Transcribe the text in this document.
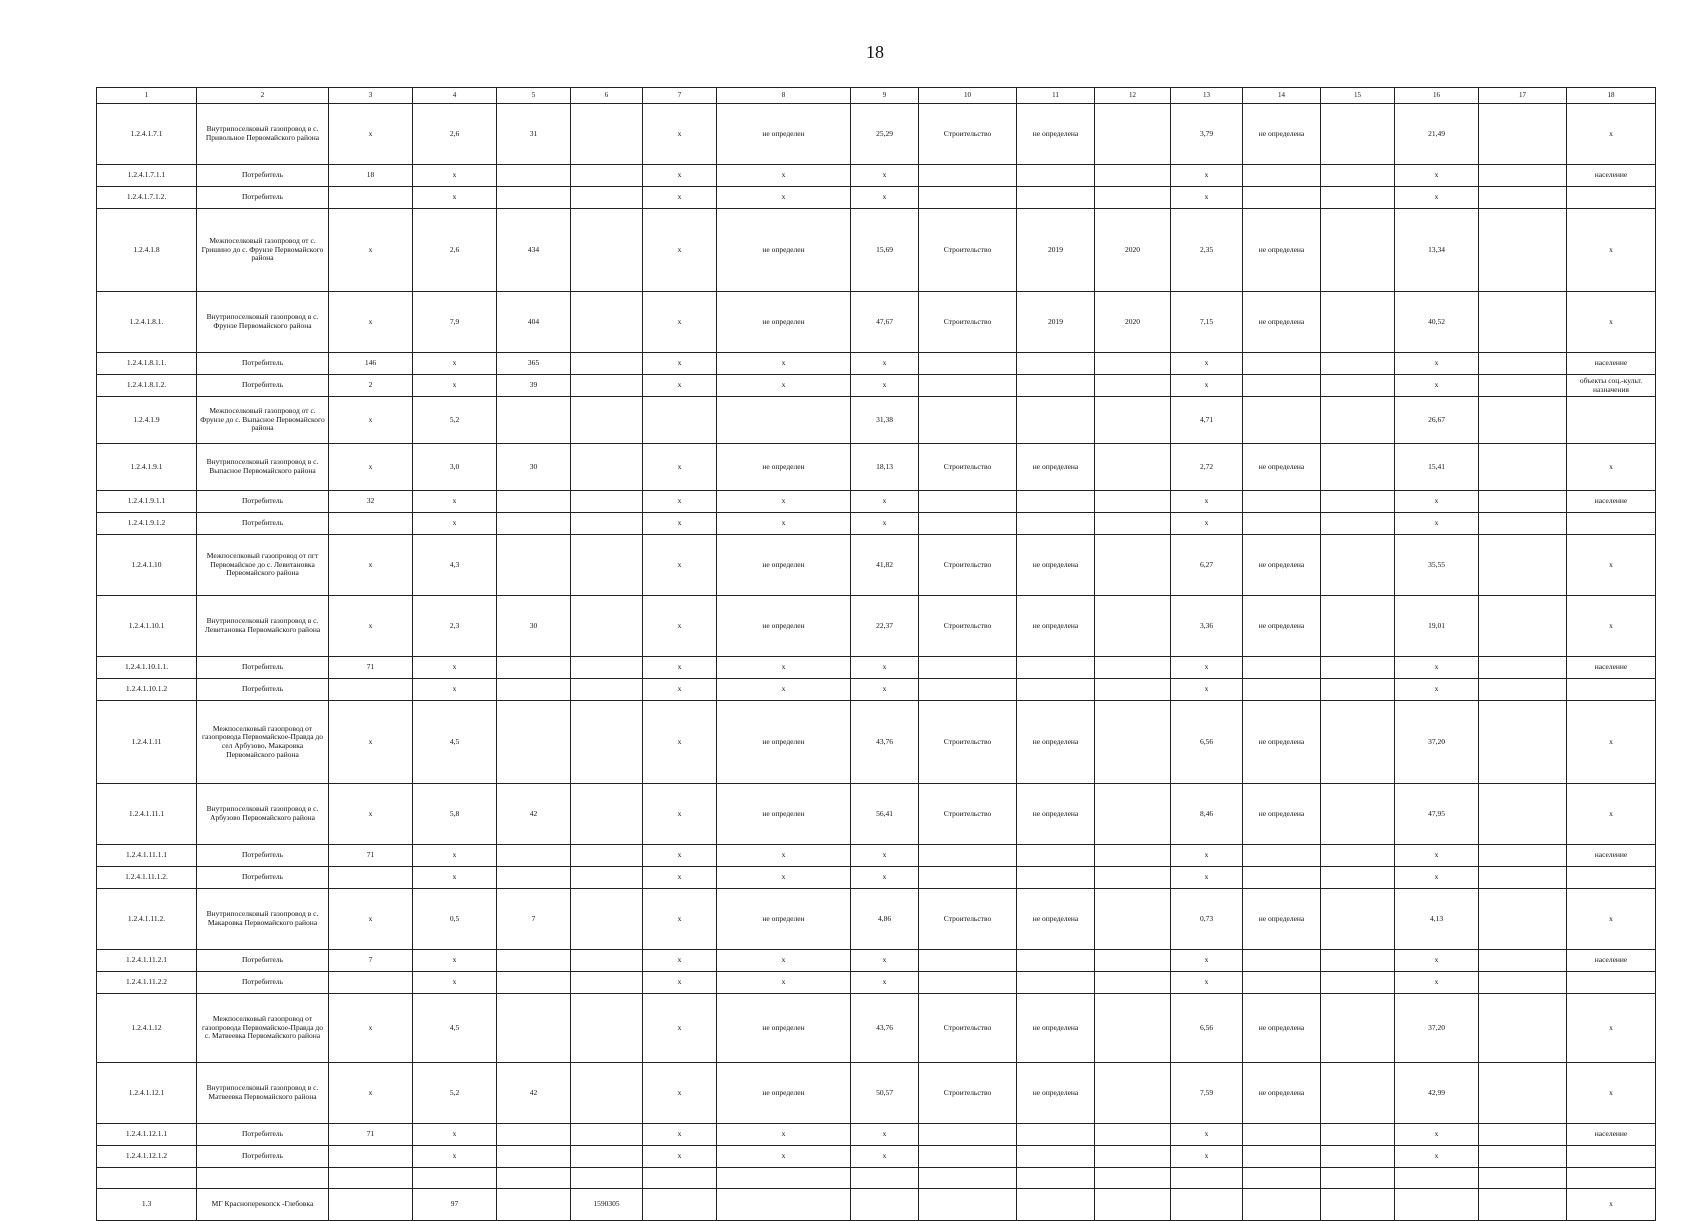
18
1	2	3	4	5	6	7	8	9	10	11	12	13	14	15	16	17	18
1.2.4.1.7.1	Внутрипоселковый газопровод в с. Привольное Первомайского района	x	2,6	31		x	не определен	25,29	Строительство	не определена		3,79	не определена		21,49		x
1.2.4.1.7.1.1	Потребитель	18	x			x	x	x				x			x		население
1.2.4.1.7.1.2.	Потребитель		x			x	x	x				x			x		
1.2.4.1.8	Межпоселковый газопровод от с. Гришино до с. Фрунзе Первомайского района	x	2,6	434		x	не определен	15,69	Строительство	2019	2020	2,35	не определена		13,34		x
1.2.4.1.8.1.	Внутрипоселковый газопровод в с. Фрунзе Первомайского района	x	7,9	404		x	не определен	47,67	Строительство	2019	2020	7,15	не определена		40,52		x
1.2.4.1.8.1.1.	Потребитель	146	x	365		x	x	x				x			x		население
1.2.4.1.8.1.2.	Потребитель	2	x	39		x	x	x				x			x		объекты соц.-культ. назначения
1.2.4.1.9	Межпоселковый газопровод от с. Фрунзе до с. Выпасное Первомайского района	x	5,2					31,38				4,71			26,67		
1.2.4.1.9.1	Внутрипоселковый газопровод в с. Выпасное Первомайского района	x	3,0	30		x	не определен	18,13	Строительство	не определена		2,72	не определена		15,41		x
1.2.4.1.9.1.1	Потребитель	32	x			x	x	x				x			x		население
1.2.4.1.9.1.2	Потребитель		x			x	x	x				x			x		
1.2.4.1.10	Межпоселковый газопровод от пгт Первомайское до с. Левитановка Первомайского района	x	4,3			x	не определен	41,82	Строительство	не определена		6,27	не определена		35,55		x
1.2.4.1.10.1	Внутрипоселковый газопровод в с. Левитановка Первомайского района	x	2,3	30		x	не определен	22,37	Строительство	не определена		3,36	не определена		19,01		x
1.2.4.1.10.1.1.	Потребитель	71	x			x	x	x				x			x		население
1.2.4.1.10.1.2	Потребитель		x			x	x	x				x			x		
1.2.4.1.11	Межпоселковый газопровод от газопровода Первомайское-Правда до сел Арбузово, Макаровка Первомайского района	x	4,5			x	не определен	43,76	Строительство	не определена		6,56	не определена		37,20		x
1.2.4.1.11.1	Внутрипоселковый газопровод в с. Арбузово Первомайского района	x	5,8	42		x	не определен	56,41	Строительство	не определена		8,46	не определена		47,95		x
1.2.4.1.11.1.1	Потребитель	71	x			x	x	x				x			x		население
1.2.4.1.11.1.2.	Потребитель		x			x	x	x				x			x		
1.2.4.1.11.2.	Внутрипоселковый газопровод в с. Макаровка Первомайского района	x	0,5	7		x	не определен	4,86	Строительство	не определена		0,73	не определена		4,13		x
1.2.4.1.11.2.1	Потребитель	7	x			x	x	x				x			x		население
1.2.4.1.11.2.2	Потребитель		x			x	x	x				x			x		
1.2.4.1.12	Межпоселковый газопровод от газопровода Первомайское-Правда до с. Матвеевка Первомайского района	x	4,5			x	не определен	43,76	Строительство	не определена		6,56	не определена		37,20		x
1.2.4.1.12.1	Внутрипоселковый газопровод в с. Матвеевка Первомайского района	x	5,2	42		x	не определен	50,57	Строительство	не определена		7,59	не определена		42,99		x
1.2.4.1.12.1.1	Потребитель	71	x			x	x	x				x			x		население
1.2.4.1.12.1.2	Потребитель		x			x	x	x				x			x		

1.3	МГ Красноперекопск -Глебовка		97		1590305												x
